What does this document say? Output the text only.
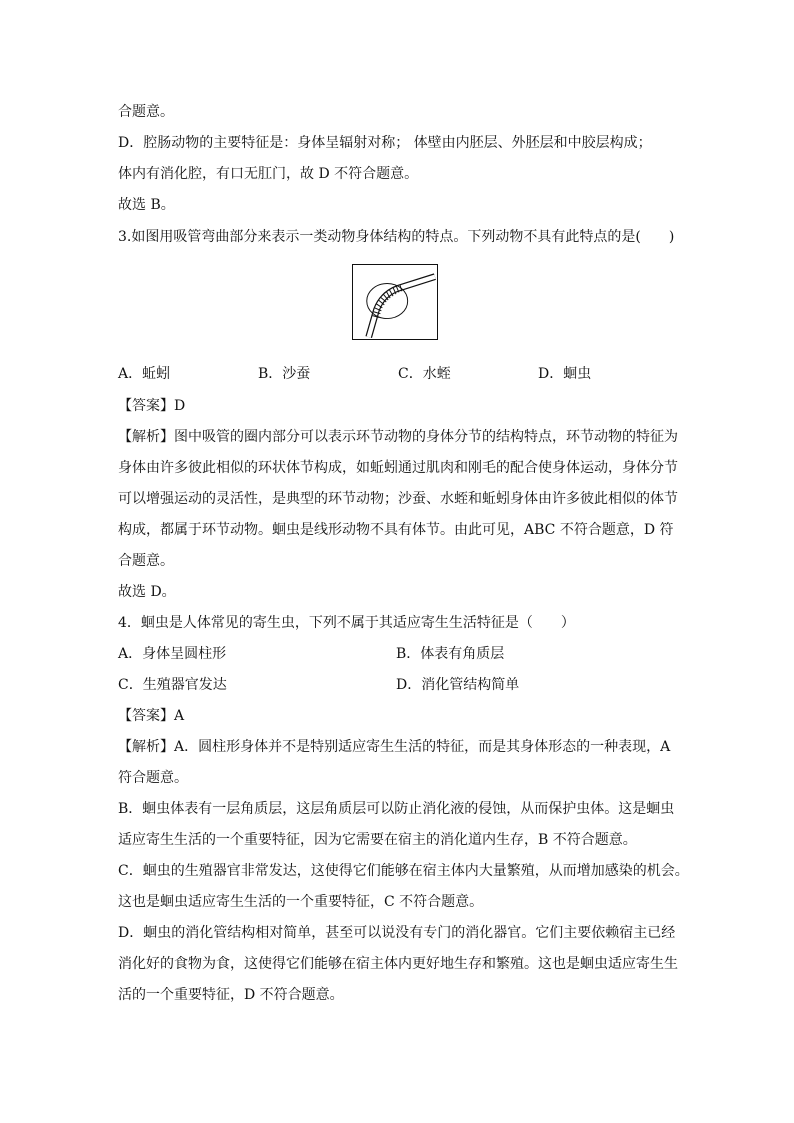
合题意。
D．腔肠动物的主要特征是：身体呈辐射对称； 体壁由内胚层、外胚层和中胶层构成；
体内有消化腔，有口无肛门，故 D 不符合题意。
故选 B。
3.如图用吸管弯曲部分来表示一类动物身体结构的特点。下列动物不具有此特点的是(　　)
A．蚯蚓	B．沙蚕	C．水蛭	D．蛔虫
【答案】D
【解析】图中吸管的圈内部分可以表示环节动物的身体分节的结构特点，环节动物的特征为
身体由许多彼此相似的环状体节构成，如蚯蚓通过肌肉和刚毛的配合使身体运动，身体分节
可以增强运动的灵活性，是典型的环节动物；沙蚕、水蛭和蚯蚓身体由许多彼此相似的体节
构成，都属于环节动物。蛔虫是线形动物不具有体节。由此可见，ABC 不符合题意，D 符
合题意。
故选 D。
4．蛔虫是人体常见的寄生虫，下列不属于其适应寄生生活特征是（　　）
A．身体呈圆柱形	B．体表有角质层
C．生殖器官发达	D．消化管结构简单
【答案】A
【解析】A．圆柱形身体并不是特别适应寄生生活的特征，而是其身体形态的一种表现，A
符合题意。
B．蛔虫体表有一层角质层，这层角质层可以防止消化液的侵蚀，从而保护虫体。这是蛔虫
适应寄生生活的一个重要特征，因为它需要在宿主的消化道内生存，B 不符合题意。
C．蛔虫的生殖器官非常发达，这使得它们能够在宿主体内大量繁殖，从而增加感染的机会。
这也是蛔虫适应寄生生活的一个重要特征，C 不符合题意。
D．蛔虫的消化管结构相对简单，甚至可以说没有专门的消化器官。它们主要依赖宿主已经
消化好的食物为食，这使得它们能够在宿主体内更好地生存和繁殖。这也是蛔虫适应寄生生
活的一个重要特征，D 不符合题意。
